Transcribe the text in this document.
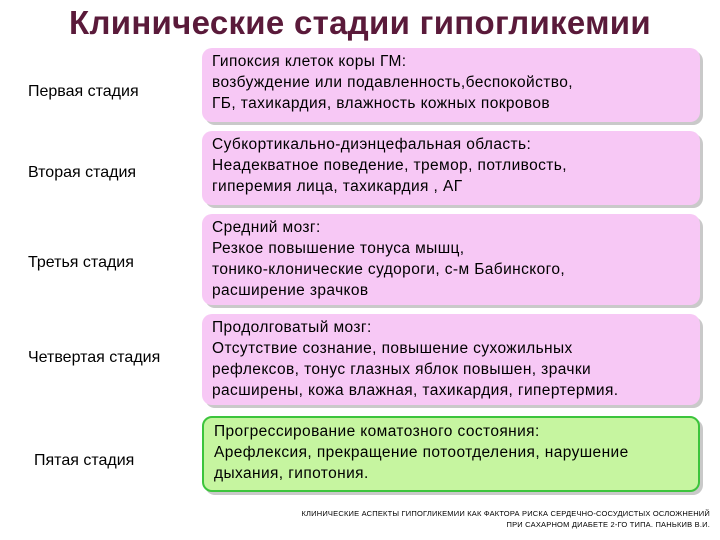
Клинические стадии гипогликемии
Первая стадия
Гипоксия клеток коры ГМ:
возбуждение или подавленность,беспокойство,
ГБ, тахикардия, влажность кожных покровов
Вторая стадия
Субкортикально-диэнцефальная область:
Неадекватное поведение, тремор, потливость,
гиперемия лица, тахикардия , АГ
Третья стадия
Средний мозг:
Резкое повышение тонуса мышц,
тонико-клонические судороги, с-м Бабинского,
расширение зрачков
Четвертая стадия
Продолговатый мозг:
Отсутствие сознание, повышение сухожильных
рефлексов, тонус глазных яблок повышен, зрачки
расширены, кожа влажная, тахикардия, гипертермия.
Пятая стадия
Прогрессирование коматозного состояния:
Арефлексия, прекращение потоотделения, нарушение
дыхания, гипотония.
КЛИНИЧЕСКИЕ АСПЕКТЫ ГИПОГЛИКЕМИИ КАК ФАКТОРА РИСКА СЕРДЕЧНО-СОСУДИСТЫХ ОСЛОЖНЕНИЙ
ПРИ САХАРНОМ ДИАБЕТЕ 2-ГО ТИПА. ПАНЬКИВ В.И.
